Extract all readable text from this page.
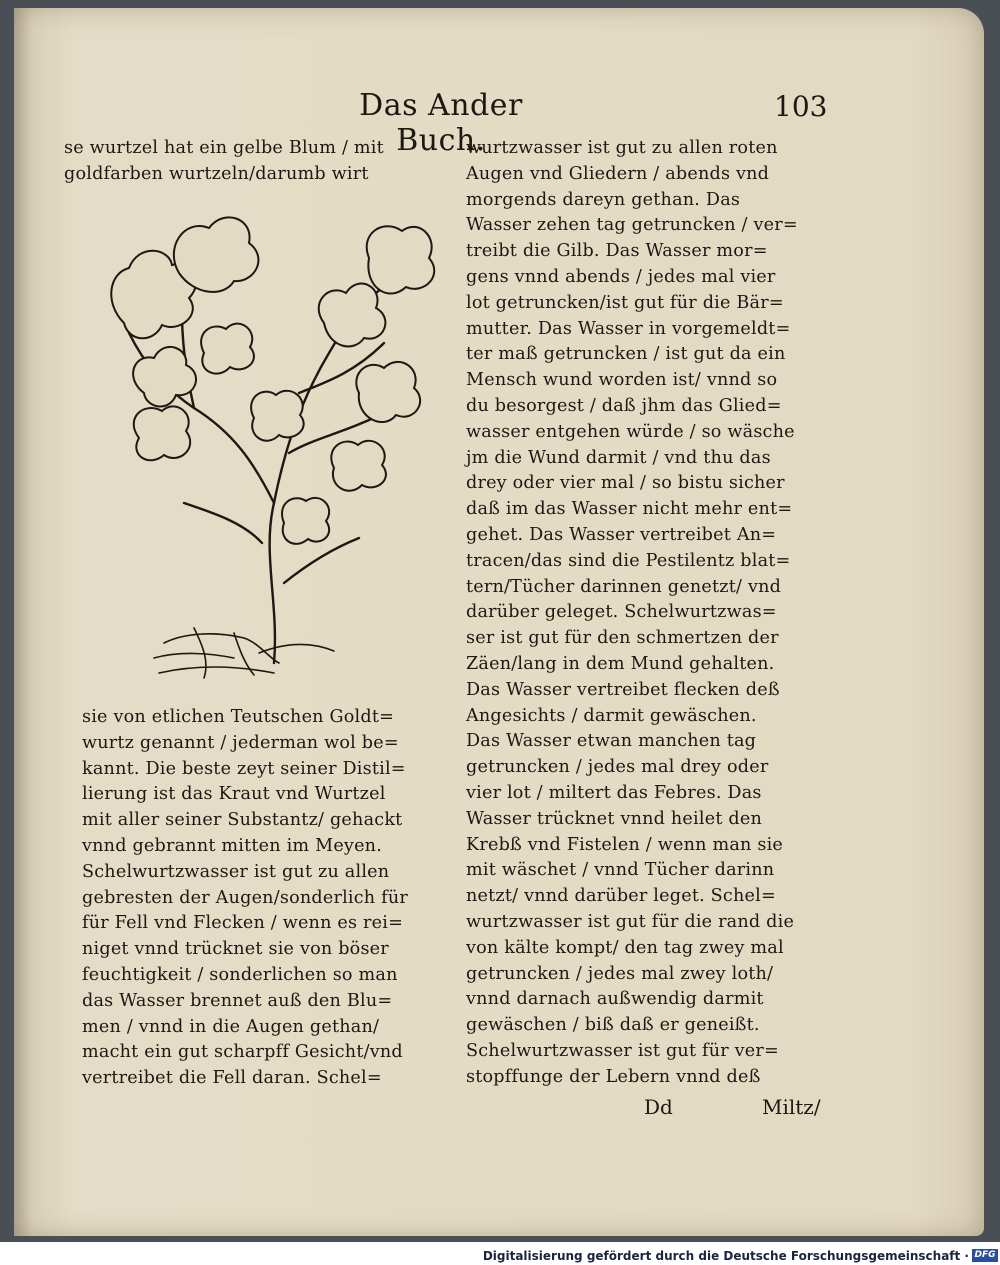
Das Ander Buch.
103
se wurtzel hat ein gelbe Blum / mit
goldfarben wurtzeln/darumb wirt
sie von etlichen Teutschen Goldt=
wurtz genannt / jederman wol be=
kannt. Die beste zeyt seiner Distil=
lierung ist das Kraut vnd Wurtzel
mit aller seiner Substantz/ gehackt
vnnd gebrannt mitten im Meyen.
Schelwurtzwasser ist gut zu allen
gebresten der Augen/sonderlich für
für Fell vnd Flecken / wenn es rei=
niget vnnd trücknet sie von böser
feuchtigkeit / sonderlichen so man
das Wasser brennet auß den Blu=
men / vnnd in die Augen gethan/
macht ein gut scharpff Gesicht/vnd
vertreibet die Fell daran. Schel=
wurtzwasser ist gut zu allen roten
Augen vnd Gliedern / abends vnd
morgends dareyn gethan. Das
Wasser zehen tag getruncken / ver=
treibt die Gilb. Das Wasser mor=
gens vnnd abends / jedes mal vier
lot getruncken/ist gut für die Bär=
mutter. Das Wasser in vorgemeldt=
ter maß getruncken / ist gut da ein
Mensch wund worden ist/ vnnd so
du besorgest / daß jhm das Glied=
wasser entgehen würde / so wäsche
jm die Wund darmit / vnd thu das
drey oder vier mal / so bistu sicher
daß im das Wasser nicht mehr ent=
gehet. Das Wasser vertreibet An=
tracen/das sind die Pestilentz blat=
tern/Tücher darinnen genetzt/ vnd
darüber geleget. Schelwurtzwas=
ser ist gut für den schmertzen der
Zäen/lang in dem Mund gehalten.
Das Wasser vertreibet flecken deß
Angesichts / darmit gewäschen.
Das Wasser etwan manchen tag
getruncken / jedes mal drey oder
vier lot / miltert das Febres. Das
Wasser trücknet vnnd heilet den
Krebß vnd Fistelen / wenn man sie
mit wäschet / vnnd Tücher darinn
netzt/ vnnd darüber leget. Schel=
wurtzwasser ist gut für die rand die
von kälte kompt/ den tag zwey mal
getruncken / jedes mal zwey loth/
vnnd darnach außwendig darmit
gewäschen / biß daß er geneißt.
Schelwurtzwasser ist gut für ver=
stopffunge der Lebern vnnd deß
Dd	Miltz/
Digitalisierung gefördert durch die Deutsche Forschungsgemeinschaft · DFG
